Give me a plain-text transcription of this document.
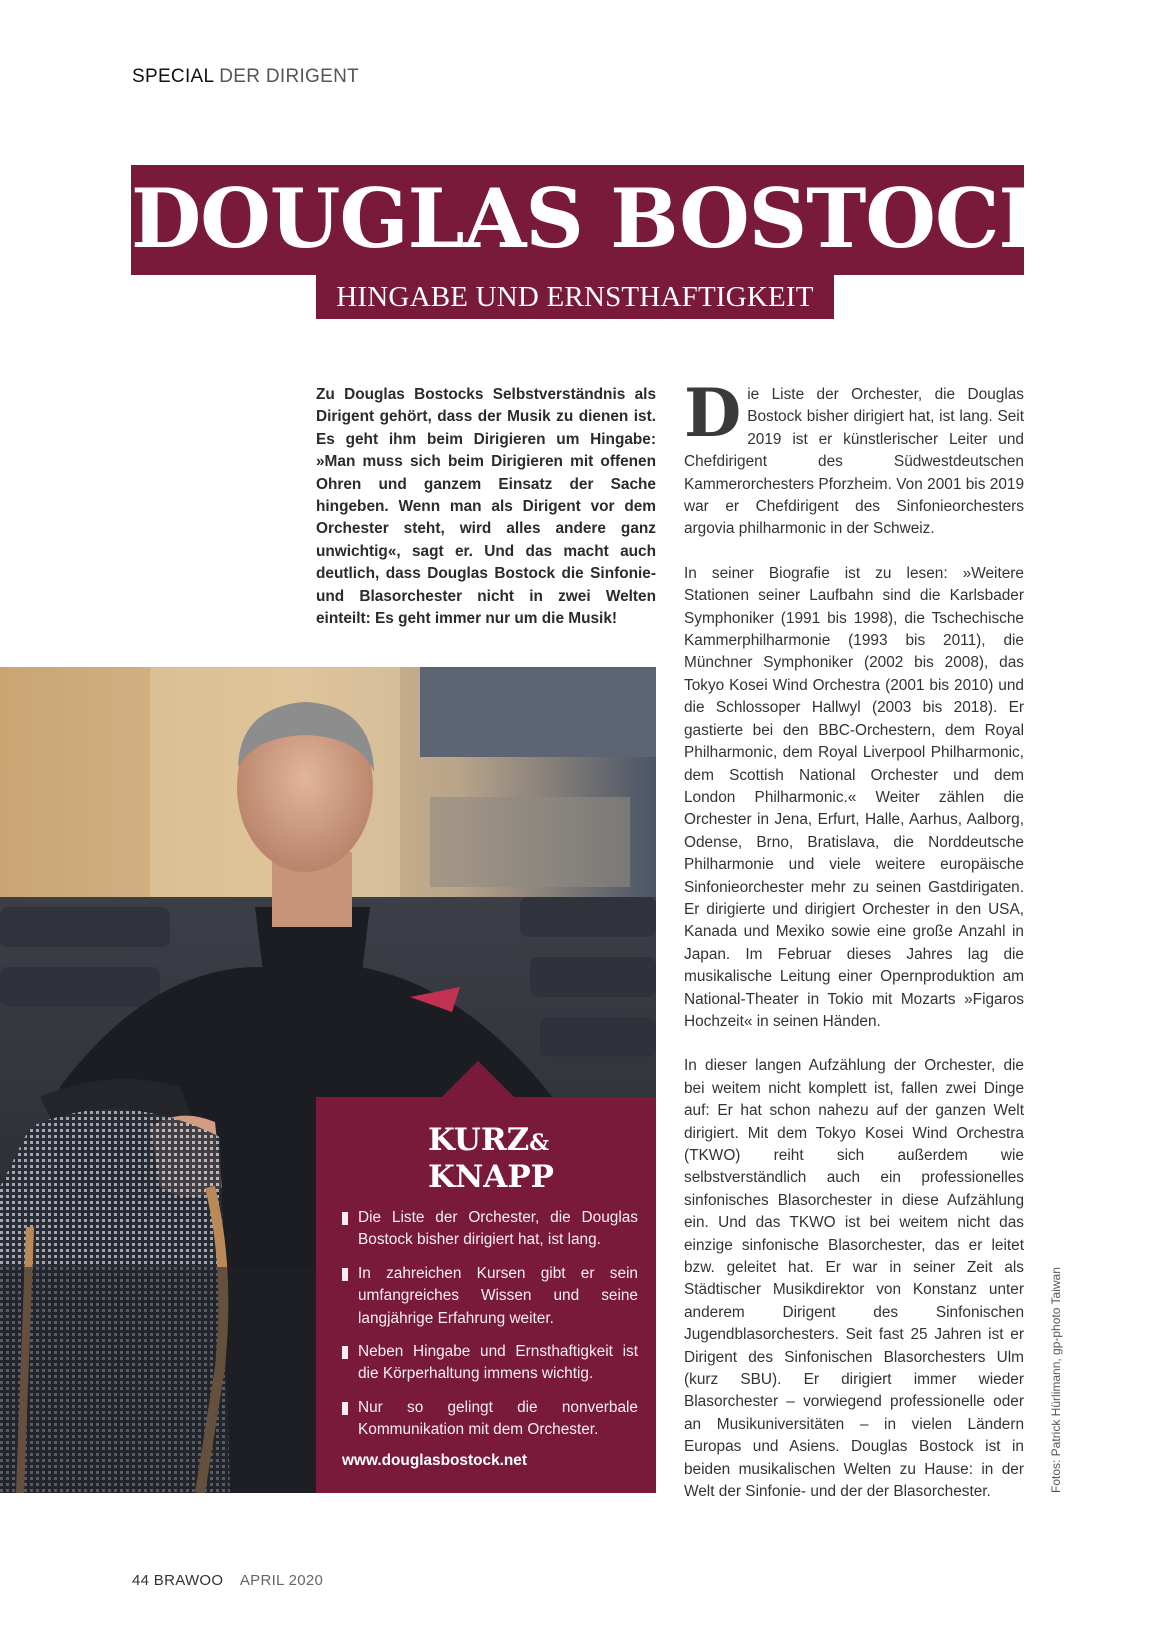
SPECIAL DER DIRIGENT
DOUGLAS BOSTOCK
HINGABE UND ERNSTHAFTIGKEIT
Zu Douglas Bostocks Selbstverständnis als Dirigent gehört, dass der Musik zu dienen ist. Es geht ihm beim Dirigieren um Hingabe: »Man muss sich beim Dirigieren mit offenen Ohren und ganzem Einsatz der Sache hingeben. Wenn man als Dirigent vor dem Orchester steht, wird alles andere ganz unwichtig«, sagt er. Und das macht auch deutlich, dass Douglas Bostock die Sinfonie- und Blasorchester nicht in zwei Welten einteilt: Es geht immer nur um die Musik!

D ie Liste der Orchester, die Douglas Bostock bisher dirigiert hat, ist lang. Seit 2019 ist er künstlerischer Leiter und Chefdirigent des Südwestdeutschen Kammerorchesters Pforzheim. Von 2001 bis 2019 war er Chefdirigent des Sinfonieorchesters argovia philharmonic in der Schweiz.

In seiner Biografie ist zu lesen: »Weitere Stationen seiner Laufbahn sind die Karlsbader Symphoniker (1991 bis 1998), die Tschechische Kammerphilharmonie (1993 bis 2011), die Münchner Symphoniker (2002 bis 2008), das Tokyo Kosei Wind Orchestra (2001 bis 2010) und die Schlossoper Hallwyl (2003 bis 2018). Er gastierte bei den BBC-Orchestern, dem Royal Philharmonic, dem Royal Liverpool Philharmonic, dem Scottish National Orchester und dem London Philharmonic.« Weiter zählen die Orchester in Jena, Erfurt, Halle, Aarhus, Aalborg, Odense, Brno, Bratislava, die Norddeutsche Philharmonie und viele weitere europäische Sinfonieorchester mehr zu seinen Gastdirigaten. Er dirigierte und dirigiert Orchester in den USA, Kanada und Mexiko sowie eine große Anzahl in Japan. Im Februar dieses Jahres lag die musikalische Leitung einer Opernproduktion am National-Theater in Tokio mit Mozarts »Figaros Hochzeit« in seinen Händen.

In dieser langen Aufzählung der Orchester, die bei weitem nicht komplett ist, fallen zwei Dinge auf: Er hat schon nahezu auf der ganzen Welt dirigiert. Mit dem Tokyo Kosei Wind Orchestra (TKWO) reiht sich außerdem wie selbstverständlich auch ein professionelles sinfonisches Blasorchester in diese Aufzählung ein. Und das TKWO ist bei weitem nicht das einzige sinfonische Blasorchester, das er leitet bzw. geleitet hat. Er war in seiner Zeit als Städtischer Musikdirektor von Konstanz unter anderem Dirigent des Sinfonischen Jugendblasorchesters. Seit fast 25 Jahren ist er Dirigent des Sinfonischen Blasorchesters Ulm (kurz SBU). Er dirigiert immer wieder Blasorchester – vorwiegend professionelle oder an Musikuniversitäten – in vielen Ländern Europas und Asiens. Douglas Bostock ist in beiden musikalischen Welten zu Hause: in der Welt der Sinfonie- und der der Blasorchester.

KURZ&
KNAPP
Die Liste der Orchester, die Douglas Bostock bisher dirigiert hat, ist lang.
In zahreichen Kursen gibt er sein umfangreiches Wissen und seine langjährige Erfahrung weiter.
Neben Hingabe und Ernsthaftigkeit ist die Körperhaltung immens wichtig.
Nur so gelingt die nonverbale Kommunikation mit dem Orchester.
www.douglasbostock.net	Fotos: Patrick Hürlimann, gp-photo Taiwan
44 BRAWOO APRIL 2020
